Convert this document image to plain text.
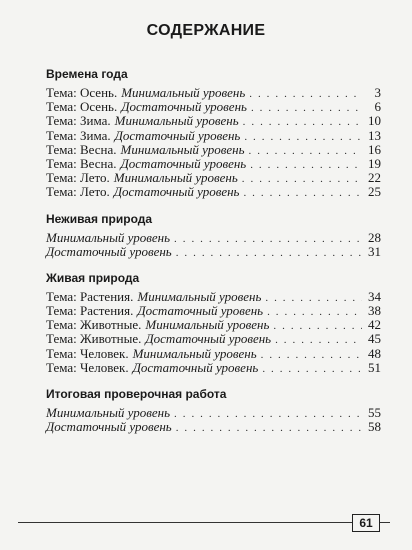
СОДЕРЖАНИЕ
Времена года
Тема: Осень. Минимальный уровень . . .	3
Тема: Осень. Достаточный уровень . . .	6
Тема: Зима. Минимальный уровень . . .	10
Тема: Зима. Достаточный уровень . . .	13
Тема: Весна. Минимальный уровень . . .	16
Тема: Весна. Достаточный уровень . . .	19
Тема: Лето. Минимальный уровень . . .	22
Тема: Лето. Достаточный уровень . . .	25
Неживая природа
Минимальный уровень . . .	28
Достаточный уровень . . .	31
Живая природа
Тема: Растения. Минимальный уровень . . .	34
Тема: Растения. Достаточный уровень . . .	38
Тема: Животные. Минимальный уровень . . .	42
Тема: Животные. Достаточный уровень . . .	45
Тема: Человек. Минимальный уровень . . .	48
Тема: Человек. Достаточный уровень . . .	51
Итоговая проверочная работа
Минимальный уровень . . .	55
Достаточный уровень . . .	58
61
